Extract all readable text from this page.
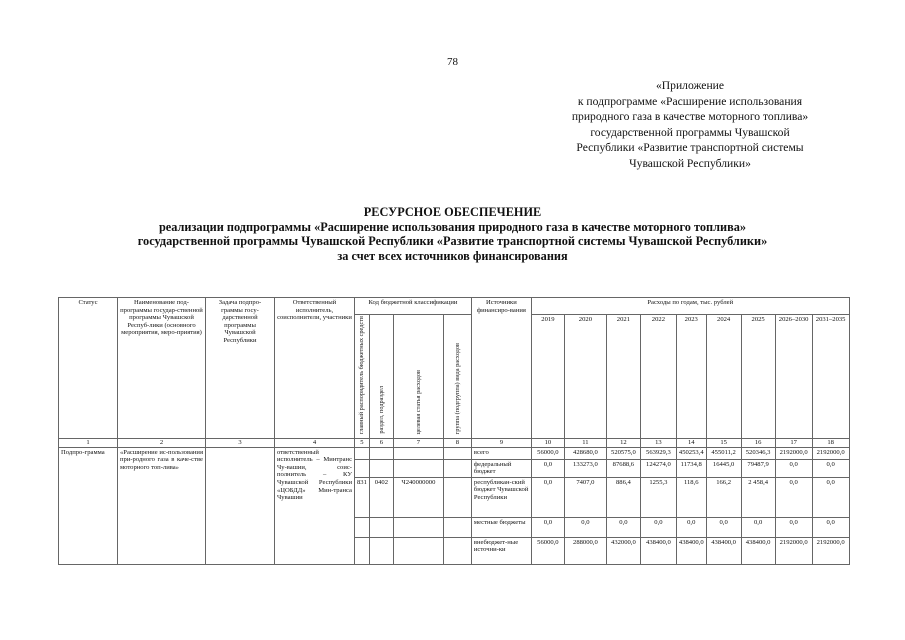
78
«Приложение
к подпрограмме «Расширение использования
природного газа в качестве моторного топлива»
государственной программы Чувашской
Республики «Развитие транспортной системы
Чувашской Республики»
РЕСУРСНОЕ ОБЕСПЕЧЕНИЕ
реализации подпрограммы «Расширение использования природного газа в качестве моторного топлива»
государственной программы Чувашской Республики «Развитие транспортной системы Чувашской Республики»
за счет всех источников финансирования
Статус	Наименование под-программы государ-ственной программы Чувашской Респуб-лики (основного мероприятия, меро-приятия)	Задача подпро-граммы госу-дарственной программы Чувашской Республики	Ответственный исполнитель, соисполнители, участники	Код бюджетной классификации				Источники финансиро-вания	Расходы по годам, тыс. рублей								
				главный распорядитель бюджетных средств	раздел, подраздел	целевая статья расходов	группа (подгруппа) вида расходов		2019	2020	2021	2022	2023	2024	2025	2026–2030	2031–2035

1	2	3	4	5	6	7	8	9	10	11	12	13	14	15	16	17	18
Подпро-грамма	«Расширение ис-пользования при-родного газа в каче-стве моторного топ-лива»		ответственный исполнитель – Минтранс Чу-вашии, соис-полнитель – КУ Чувашской Республики «ЦОБДД» Мин-транса Чувашии					всего	56000,0	428680,0	520575,0	563929,3	450253,4	455011,2	520346,3	2192000,0	2192000,0
								федеральный бюджет	0,0	133273,0	87688,6	124274,0	11734,8	16445,0	79487,9	0,0	0,0
				831	0402	Ч240000000		республикан-ский бюджет Чувашской Республики	0,0	7407,0	886,4	1255,3	118,6	166,2	2 458,4	0,0	0,0
								местные бюджеты	0,0	0,0	0,0	0,0	0,0	0,0	0,0	0,0	0,0
								внебюджет-ные источни-ки	56000,0	288000,0	432000,0	438400,0	438400,0	438400,0	438400,0	2192000,0	2192000,0
